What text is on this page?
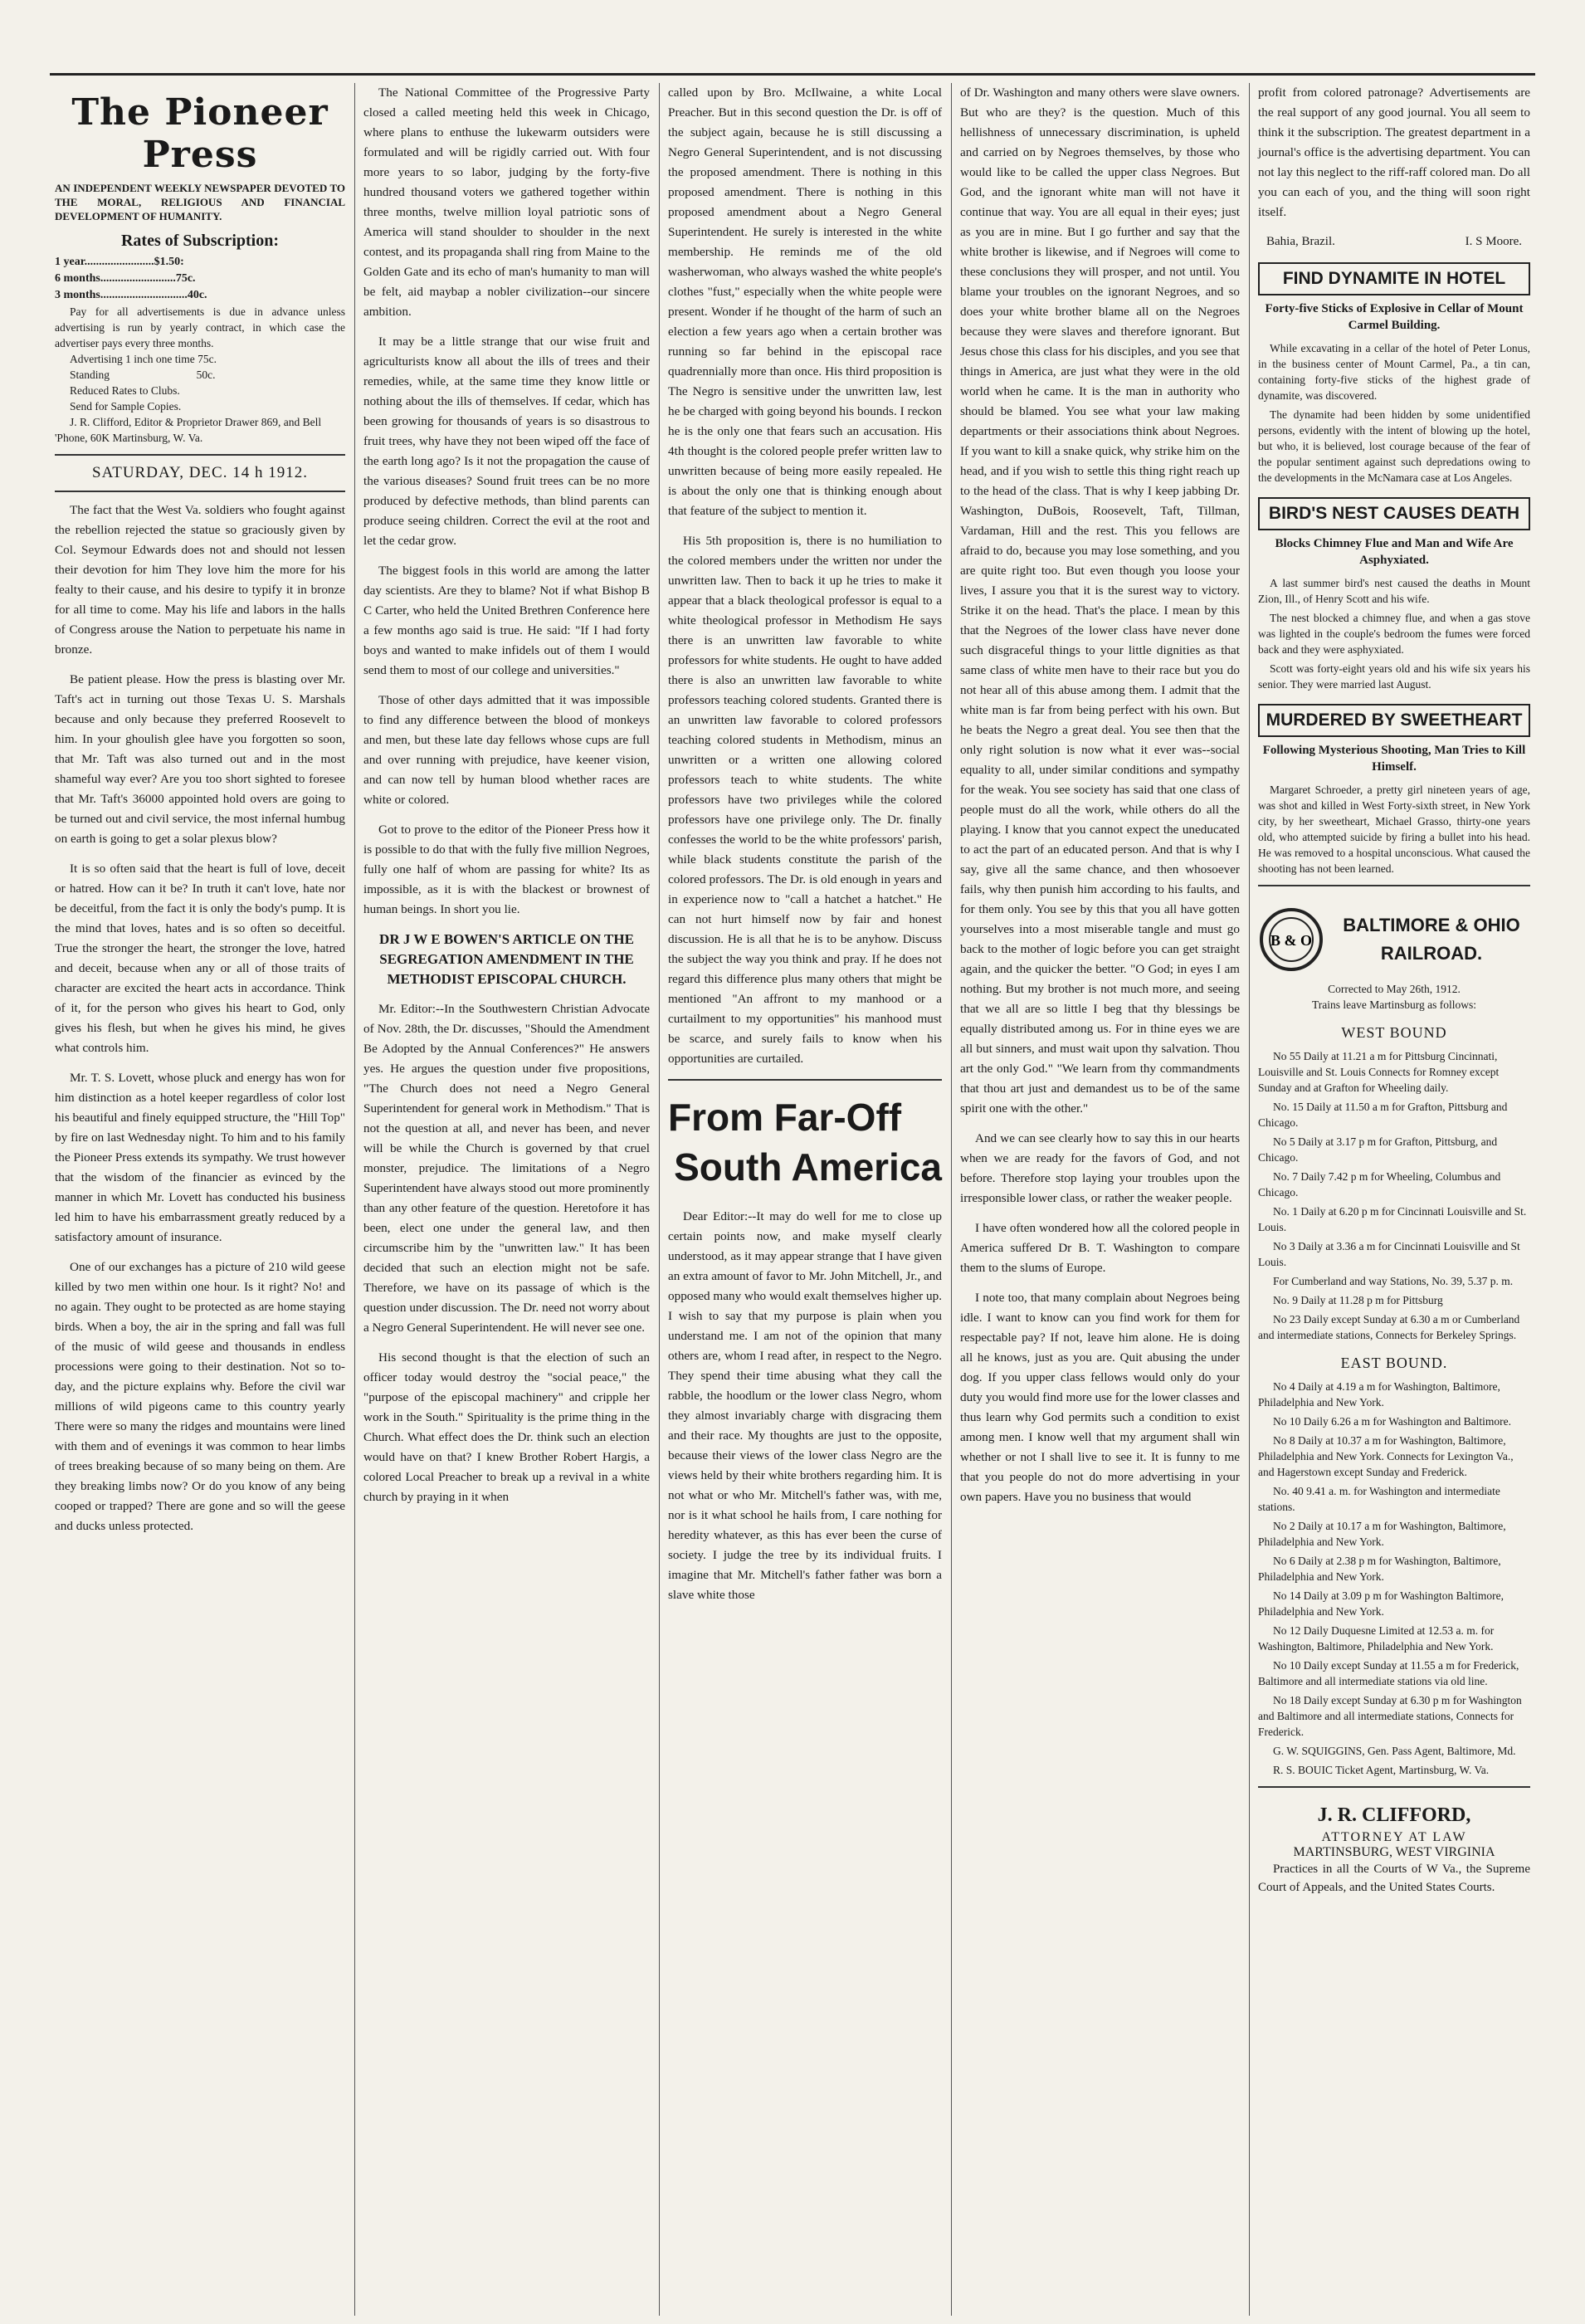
The Pioneer Press
AN INDEPENDENT WEEKLY NEWSPAPER DEVOTED TO THE MORAL, RELIGIOUS AND FINANCIAL DEVELOPMENT OF HUMANITY.
Rates of Subscription:
1 year........................$1.50:
6 months..........................75c.
3 months..............................40c.
Pay for all advertisements is due in advance unless advertising is run by yearly contract, in which case the advertiser pays every three months.
Advertising 1 inch one time 75c.
Standing                               50c.
Reduced Rates to Clubs.
Send for Sample Copies.
J. R. Clifford, Editor & Proprietor Drawer 869, and Bell 'Phone, 60K Martinsburg, W. Va.
SATURDAY, DEC. 14 h 1912.

The fact that the West Va. soldiers who fought against the rebellion rejected the statue so graciously given by Col. Seymour Edwards does not and should not lessen their devotion for him They love him the more for his fealty to their cause, and his desire to typify it in bronze for all time to come. May his life and labors in the halls of Congress arouse the Nation to perpetuate his name in bronze.

Be patient please. How the press is blasting over Mr. Taft's act in turning out those Texas U. S. Marshals because and only because they preferred Roosevelt to him. In your ghoulish glee have you forgotten so soon, that Mr. Taft was also turned out and in the most shameful way ever? Are you too short sighted to foresee that Mr. Taft's 36000 appointed hold overs are going to be turned out and civil service, the most infernal humbug on earth is going to get a solar plexus blow?

It is so often said that the heart is full of love, deceit or hatred. How can it be? In truth it can't love, hate nor be deceitful, from the fact it is only the body's pump. It is the mind that loves, hates and is so often so deceitful. True the stronger the heart, the stronger the love, hatred and deceit, because when any or all of those traits of character are excited the heart acts in accordance. Think of it, for the person who gives his heart to God, only gives his flesh, but when he gives his mind, he gives what controls him.

Mr. T. S. Lovett, whose pluck and energy has won for him distinction as a hotel keeper regardless of color lost his beautiful and finely equipped structure, the "Hill Top" by fire on last Wednesday night. To him and to his family the Pioneer Press extends its sympathy. We trust however that the wisdom of the financier as evinced by the manner in which Mr. Lovett has conducted his business led him to have his embarrassment greatly reduced by a satisfactory amount of insurance.

One of our exchanges has a picture of 210 wild geese killed by two men within one hour. Is it right? No! and no again. They ought to be protected as are home staying birds. When a boy, the air in the spring and fall was full of the music of wild geese and thousands in endless processions were going to their destination. Not so to-day, and the picture explains why. Before the civil war millions of wild pigeons came to this country yearly There were so many the ridges and mountains were lined with them and of evenings it was common to hear limbs of trees breaking because of so many being on them. Are they breaking limbs now? Or do you know of any being cooped or trapped? There are gone and so will the geese and ducks unless protected.

The National Committee of the Progressive Party closed a called meeting held this week in Chicago, where plans to enthuse the lukewarm outsiders were formulated and will be rigidly carried out. With four more years to so labor, judging by the forty-five hundred thousand voters we gathered together within three months, twelve million loyal patriotic sons of America will stand shoulder to shoulder in the next contest, and its propaganda shall ring from Maine to the Golden Gate and its echo of man's humanity to man will be felt, aid maybap a nobler civilization--our sincere ambition.

It may be a little strange that our wise fruit and agriculturists know all about the ills of trees and their remedies, while, at the same time they know little or nothing about the ills of themselves. If cedar, which has been growing for thousands of years is so disastrous to fruit trees, why have they not been wiped off the face of the earth long ago? Is it not the propagation the cause of the various diseases? Sound fruit trees can be no more produced by defective methods, than blind parents can produce seeing children. Correct the evil at the root and let the cedar grow.

The biggest fools in this world are among the latter day scientists. Are they to blame? Not if what Bishop B C Carter, who held the United Brethren Conference here a few months ago said is true. He said: "If I had forty boys and wanted to make infidels out of them I would send them to most of our college and universities."

Those of other days admitted that it was impossible to find any difference between the blood of monkeys and men, but these late day fellows whose cups are full and over running with prejudice, have keener vision, and can now tell by human blood whether races are white or colored.

Got to prove to the editor of the Pioneer Press how it is possible to do that with the fully five million Negroes, fully one half of whom are passing for white? Its as impossible, as it is with the blackest or brownest of human beings. In short you lie.

DR J W E BOWEN'S ARTICLE ON THE SEGREGATION AMENDMENT IN THE METHODIST EPISCOPAL CHURCH.

Mr. Editor:--In the Southwestern Christian Advocate of Nov. 28th, the Dr. discusses, "Should the Amendment Be Adopted by the Annual Conferences?" He answers yes. He argues the question under five propositions, "The Church does not need a Negro General Superintendent for general work in Methodism." That is not the question at all, and never has been, and never will be while the Church is governed by that cruel monster, prejudice. The limitations of a Negro Superintendent have always stood out more prominently than any other feature of the question. Heretofore it has been, elect one under the general law, and then circumscribe him by the "unwritten law." It has been decided that such an election might not be safe. Therefore, we have on its passage of which is the question under discussion. The Dr. need not worry about a Negro General Superintendent. He will never see one.

His second thought is that the election of such an officer today would destroy the "social peace," the "purpose of the episcopal machinery" and cripple her work in the South." Spirituality is the prime thing in the Church. What effect does the Dr. think such an election would have on that? I knew Brother Robert Hargis, a colored Local Preacher to break up a revival in a white church by praying in it when

called upon by Bro. McIlwaine, a white Local Preacher. But in this second question the Dr. is off of the subject again, because he is still discussing a Negro General Superintendent, and is not discussing the proposed amendment. There is nothing in this proposed amendment. There is nothing in this proposed amendment about a Negro General Superintendent. He surely is interested in the white membership. He reminds me of the old washerwoman, who always washed the white people's clothes "fust," especially when the white people were present. Wonder if he thought of the harm of such an election a few years ago when a certain brother was running so far behind in the episcopal race quadrennially more than once. His third proposition is The Negro is sensitive under the unwritten law, lest he be charged with going beyond his bounds. I reckon he is the only one that fears such an accusation. His 4th thought is the colored people prefer written law to unwritten because of being more easily repealed. He is about the only one that is thinking enough about that feature of the subject to mention it.

His 5th proposition is, there is no humiliation to the colored members under the written nor under the unwritten law. Then to back it up he tries to make it appear that a black theological professor is equal to a white theological professor in Methodism He says there is an unwritten law favorable to white professors for white students. He ought to have added there is also an unwritten law favorable to white professors teaching colored students. Granted there is an unwritten law favorable to colored professors teaching colored students in Methodism, minus an unwritten or a written one allowing colored professors teach to white students. The white professors have two privileges while the colored professors have one privilege only. The Dr. finally confesses the world to be the white professors' parish, while black students constitute the parish of the colored professors. The Dr. is old enough in years and in experience now to "call a hatchet a hatchet." He can not hurt himself now by fair and honest discussion. He is all that he is to be anyhow. Discuss the subject the way you think and pray. If he does not regard this difference plus many others that might be mentioned "An affront to my manhood or a curtailment to my opportunities" his manhood must be scarce, and surely fails to know when his opportunities are curtailed.

From Far-Off
South America

Dear Editor:--It may do well for me to close up certain points now, and make myself clearly understood, as it may appear strange that I have given an extra amount of favor to Mr. John Mitchell, Jr., and opposed many who would exalt themselves higher up. I wish to say that my purpose is plain when you understand me. I am not of the opinion that many others are, whom I read after, in respect to the Negro. They spend their time abusing what they call the rabble, the hoodlum or the lower class Negro, whom they almost invariably charge with disgracing them and their race. My thoughts are just to the opposite, because their views of the lower class Negro are the views held by their white brothers regarding him. It is not what or who Mr. Mitchell's father was, with me, nor is it what school he hails from, I care nothing for heredity whatever, as this has ever been the curse of society. I judge the tree by its individual fruits. I imagine that Mr. Mitchell's father father was born a slave white those

of Dr. Washington and many others were slave owners. But who are they? is the question. Much of this hellishness of unnecessary discrimination, is upheld and carried on by Negroes themselves, by those who would like to be called the upper class Negroes. But God, and the ignorant white man will not have it continue that way. You are all equal in their eyes; just as you are in mine. But I go further and say that the white brother is likewise, and if Negroes will come to these conclusions they will prosper, and not until. You blame your troubles on the ignorant Negroes, and so does your white brother blame all on the Negroes because they were slaves and therefore ignorant. But Jesus chose this class for his disciples, and you see that things in America, are just what they were in the old world when he came. It is the man in authority who should be blamed. You see what your law making departments or their associations think about Negroes. If you want to kill a snake quick, why strike him on the head, and if you wish to settle this thing right reach up to the head of the class. That is why I keep jabbing Dr. Washington, DuBois, Roosevelt, Taft, Tillman, Vardaman, Hill and the rest. This you fellows are afraid to do, because you may lose something, and you are quite right too. But even though you loose your lives, I assure you that it is the surest way to victory. Strike it on the head. That's the place. I mean by this that the Negroes of the lower class have never done such disgraceful things to your little dignities as that same class of white men have to their race but you do not hear all of this abuse among them. I admit that the white man is far from being perfect with his own. But he beats the Negro a great deal. You see then that the only right solution is now what it ever was--social equality to all, under similar conditions and sympathy for the weak. You see society has said that one class of people must do all the work, while others do all the playing. I know that you cannot expect the uneducated to act the part of an educated person. And that is why I say, give all the same chance, and then whosoever fails, why then punish him according to his faults, and for them only. You see by this that you all have gotten yourselves into a most miserable tangle and must go back to the mother of logic before you can get straight again, and the quicker the better. "O God; in eyes I am nothing. But my brother is not much more, and seeing that we all are so little I beg that thy blessings be equally distributed among us. For in thine eyes we are all but sinners, and must wait upon thy salvation. Thou art the only God." "We learn from thy commandments that thou art just and demandest us to be of the same spirit one with the other."

And we can see clearly how to say this in our hearts when we are ready for the favors of God, and not before. Therefore stop laying your troubles upon the irresponsible lower class, or rather the weaker people.

I have often wondered how all the colored people in America suffered Dr B. T. Washington to compare them to the slums of Europe.

I note too, that many complain about Negroes being idle. I want to know can you find work for them for respectable pay? If not, leave him alone. He is doing all he knows, just as you are. Quit abusing the under dog. If you upper class fellows would only do your duty you would find more use for the lower classes and thus learn why God permits such a condition to exist among men. I know well that my argument shall win whether or not I shall live to see it. It is funny to me that you people do not do more advertising in your own papers. Have you no business that would

profit from colored patronage? Advertisements are the real support of any good journal. You all seem to think it the subscription. The greatest department in a journal's office is the advertising department. You can not lay this neglect to the riff-raff colored man. Do all you can each of you, and the thing will soon right itself.

Bahia, Brazil.	I. S Moore.
FIND DYNAMITE IN HOTEL
Forty-five Sticks of Explosive in Cellar of Mount Carmel Building.
While excavating in a cellar of the hotel of Peter Lonus, in the business center of Mount Carmel, Pa., a tin can, containing forty-five sticks of the highest grade of dynamite, was discovered.
The dynamite had been hidden by some unidentified persons, evidently with the intent of blowing up the hotel, but who, it is believed, lost courage because of the fear of the popular sentiment against such depredations owing to the developments in the McNamara case at Los Angeles.
BIRD'S NEST CAUSES DEATH
Blocks Chimney Flue and Man and Wife Are Asphyxiated.
A last summer bird's nest caused the deaths in Mount Zion, Ill., of Henry Scott and his wife.
The nest blocked a chimney flue, and when a gas stove was lighted in the couple's bedroom the fumes were forced back and they were asphyxiated.
Scott was forty-eight years old and his wife six years his senior. They were married last August.
MURDERED BY SWEETHEART
Following Mysterious Shooting, Man Tries to Kill Himself.
Margaret Schroeder, a pretty girl nineteen years of age, was shot and killed in West Forty-sixth street, in New York city, by her sweetheart, Michael Grasso, thirty-one years old, who attempted suicide by firing a bullet into his head. He was removed to a hospital unconscious. What caused the shooting has not been learned.
B & O
BALTIMORE & OHIO RAILROAD.
Corrected to May 26th, 1912.
Trains leave Martinsburg as follows:
WEST BOUND
No 55 Daily at 11.21 a m for Pittsburg Cincinnati, Louisville and St. Louis Connects for Romney except Sunday and at Grafton for Wheeling daily.
No. 15 Daily at 11.50 a m for Grafton, Pittsburg and Chicago.
No 5 Daily at 3.17 p m for Grafton, Pittsburg, and Chicago.
No. 7 Daily 7.42 p m for Wheeling, Columbus and Chicago.
No. 1 Daily at 6.20 p m for Cincinnati Louisville and St. Louis.
No 3 Daily at 3.36 a m for Cincinnati Louisville and St Louis.
For Cumberland and way Stations, No. 39, 5.37 p. m.
No. 9 Daily at 11.28 p m for Pittsburg
No 23 Daily except Sunday at 6.30 a m or Cumberland and intermediate stations, Connects for Berkeley Springs.
EAST BOUND.
No 4 Daily at 4.19 a m for Washington, Baltimore, Philadelphia and New York.
No 10 Daily 6.26 a m for Washington and Baltimore.
No 8 Daily at 10.37 a m for Washington, Baltimore, Philadelphia and New York. Connects for Lexington Va., and Hagerstown except Sunday and Frederick.
No. 40 9.41 a. m. for Washington and intermediate stations.
No 2 Daily at 10.17 a m for Washington, Baltimore, Philadelphia and New York.
No 6 Daily at 2.38 p m for Washington, Baltimore, Philadelphia and New York.
No 14 Daily at 3.09 p m for Washington Baltimore, Philadelphia and New York.
No 12 Daily Duquesne Limited at 12.53 a. m. for Washington, Baltimore, Philadelphia and New York.
No 10 Daily except Sunday at 11.55 a m for Frederick, Baltimore and all intermediate stations via old line.
No 18 Daily except Sunday at 6.30 p m for Washington and Baltimore and all intermediate stations, Connects for Frederick.
G. W. SQUIGGINS, Gen. Pass Agent, Baltimore, Md.
R. S. BOUIC Ticket Agent, Martinsburg, W. Va.
J. R. CLIFFORD,
ATTORNEY AT LAW
MARTINSBURG, WEST VIRGINIA
Practices in all the Courts of W Va., the Supreme Court of Appeals, and the United States Courts.
